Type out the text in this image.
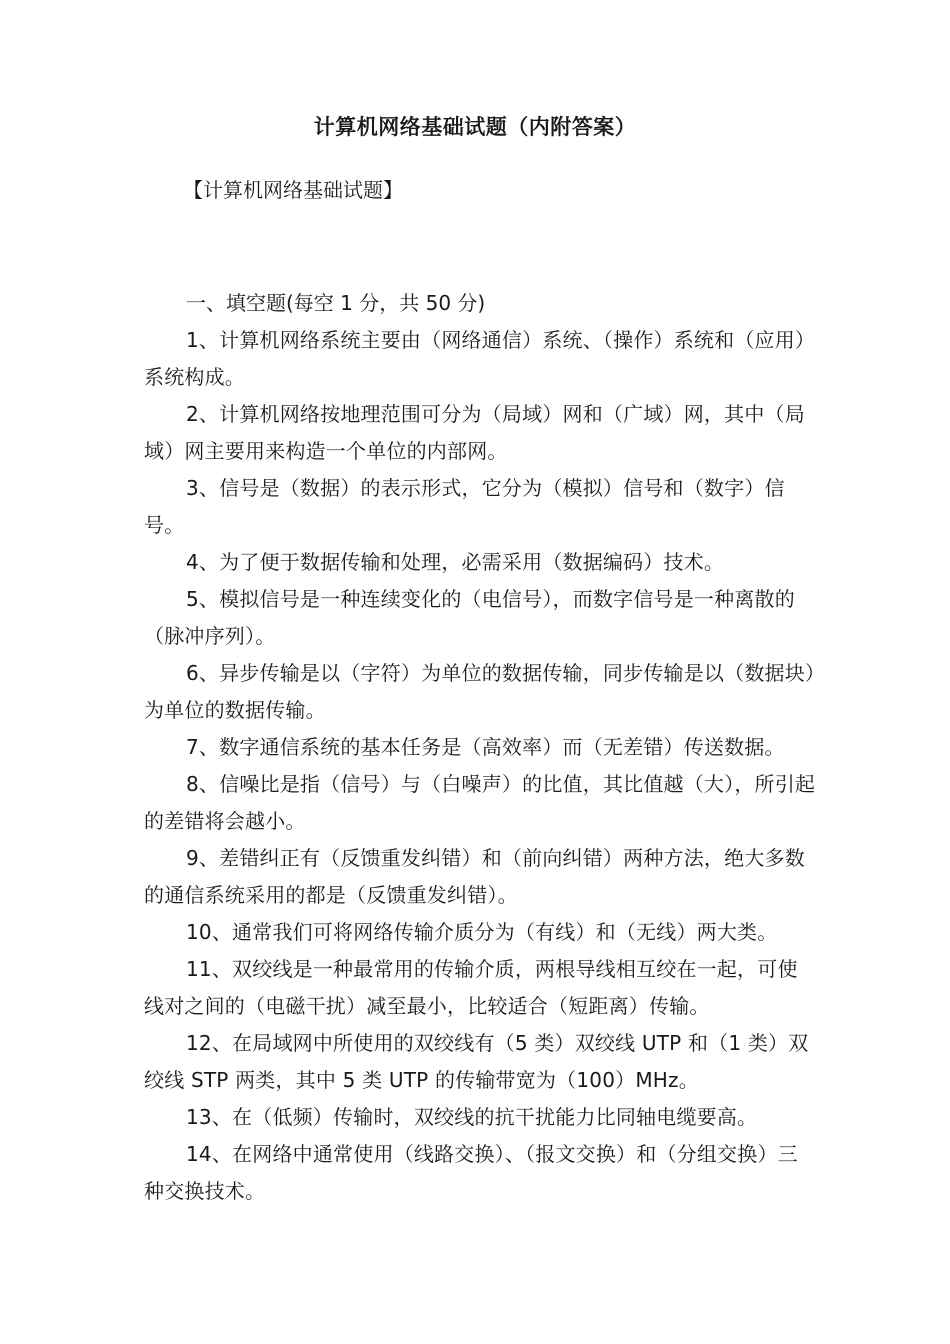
计算机网络基础试题（内附答案）
【计算机网络基础试题】
一、填空题(每空 1 分，共 50 分)

1、计算机网络系统主要由（网络通信）系统、（操作）系统和（应用）系统构成。

2、计算机网络按地理范围可分为（局域）网和（广域）网，其中（局域）网主要用来构造一个单位的内部网。

3、信号是（数据）的表示形式，它分为（模拟）信号和（数字）信号。

4、为了便于数据传输和处理，必需采用（数据编码）技术。

5、模拟信号是一种连续变化的（电信号），而数字信号是一种离散的（脉冲序列）。

6、异步传输是以（字符）为单位的数据传输，同步传输是以（数据块）为单位的数据传输。

7、数字通信系统的基本任务是（高效率）而（无差错）传送数据。

8、信噪比是指（信号）与（白噪声）的比值，其比值越（大），所引起的差错将会越小。

9、差错纠正有（反馈重发纠错）和（前向纠错）两种方法，绝大多数的通信系统采用的都是（反馈重发纠错）。

10、通常我们可将网络传输介质分为（有线）和（无线）两大类。

11、双绞线是一种最常用的传输介质，两根导线相互绞在一起，可使线对之间的（电磁干扰）减至最小，比较适合（短距离）传输。

12、在局域网中所使用的双绞线有（5 类）双绞线 UTP 和（1 类）双绞线 STP 两类，其中 5 类 UTP 的传输带宽为（100）MHz。

13、在（低频）传输时，双绞线的抗干扰能力比同轴电缆要高。

14、在网络中通常使用（线路交换）、（报文交换）和（分组交换）三种交换技术。
